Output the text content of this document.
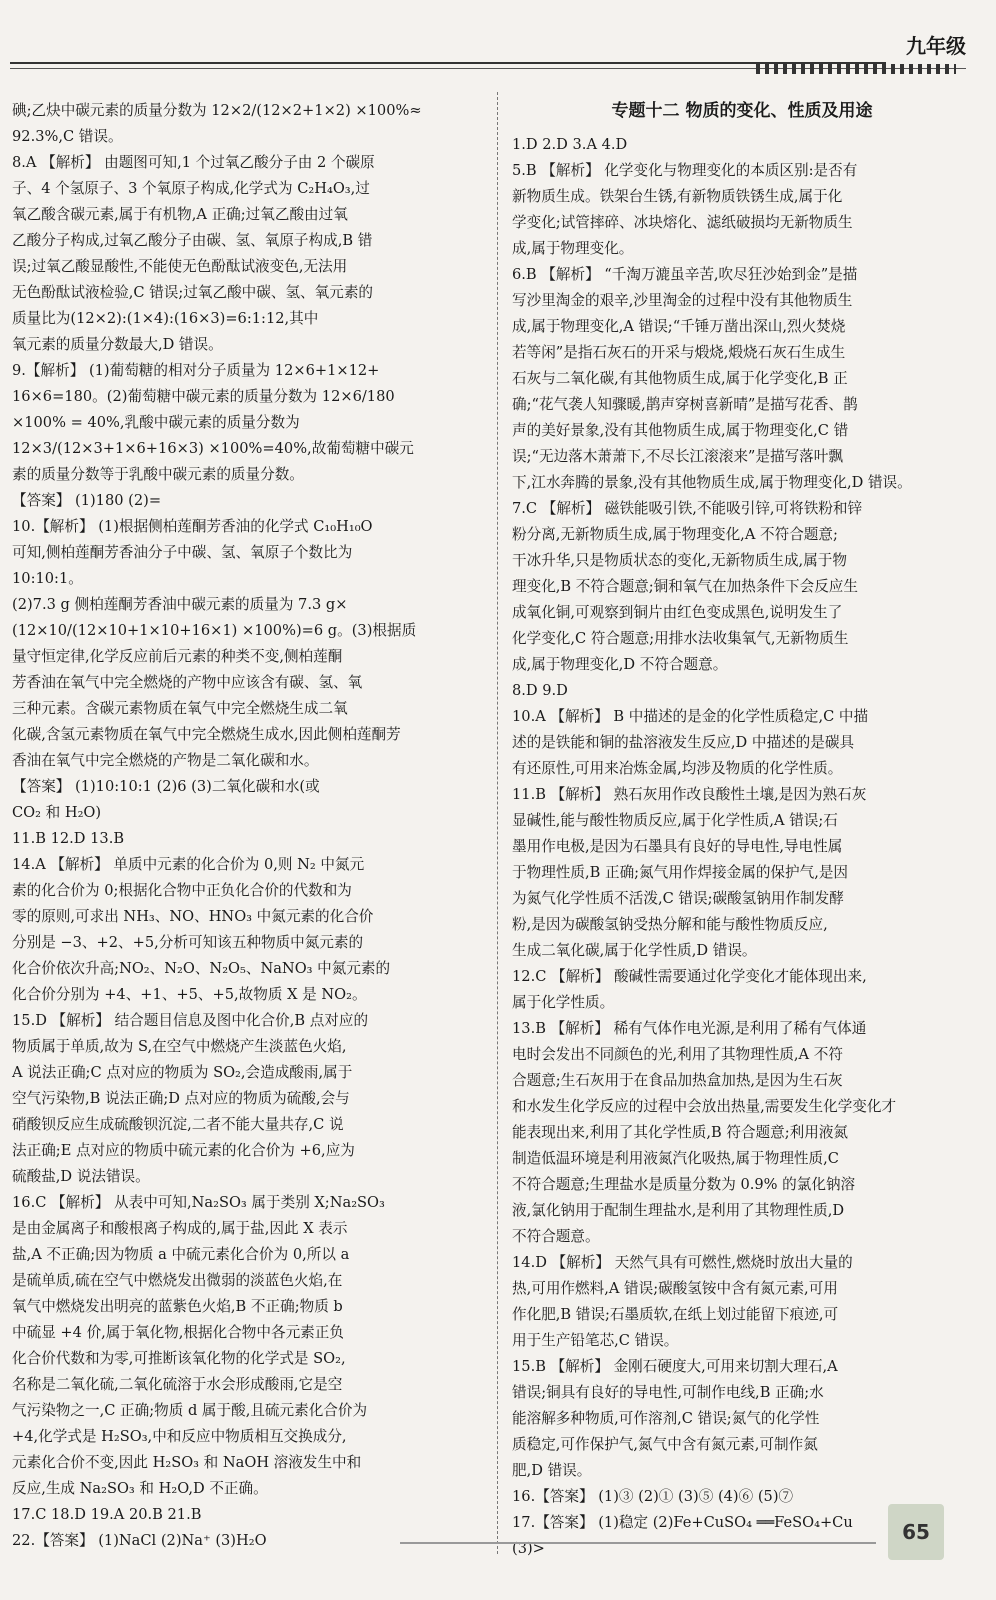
九年级

碘;乙炔中碳元素的质量分数为 12×2/(12×2+1×2) ×100%≈

92.3%,C 错误。

8.A 【解析】 由题图可知,1 个过氧乙酸分子由 2 个碳原

子、4 个氢原子、3 个氧原子构成,化学式为 C₂H₄O₃,过

氧乙酸含碳元素,属于有机物,A 正确;过氧乙酸由过氧

乙酸分子构成,过氧乙酸分子由碳、氢、氧原子构成,B 错

误;过氧乙酸显酸性,不能使无色酚酞试液变色,无法用

无色酚酞试液检验,C 错误;过氧乙酸中碳、氢、氧元素的

质量比为(12×2):(1×4):(16×3)=6:1:12,其中

氧元素的质量分数最大,D 错误。

9.【解析】 (1)葡萄糖的相对分子质量为 12×6+1×12+

16×6=180。(2)葡萄糖中碳元素的质量分数为 12×6/180

×100% = 40%,乳酸中碳元素的质量分数为

12×3/(12×3+1×6+16×3) ×100%=40%,故葡萄糖中碳元

素的质量分数等于乳酸中碳元素的质量分数。

【答案】 (1)180 (2)=

10.【解析】 (1)根据侧柏莲酮芳香油的化学式 C₁₀H₁₀O

可知,侧柏莲酮芳香油分子中碳、氢、氧原子个数比为

10:10:1。

(2)7.3 g 侧柏莲酮芳香油中碳元素的质量为 7.3 g×

(12×10/(12×10+1×10+16×1) ×100%)=6 g。(3)根据质

量守恒定律,化学反应前后元素的种类不变,侧柏莲酮

芳香油在氧气中完全燃烧的产物中应该含有碳、氢、氧

三种元素。含碳元素物质在氧气中完全燃烧生成二氧

化碳,含氢元素物质在氧气中完全燃烧生成水,因此侧柏莲酮芳

香油在氧气中完全燃烧的产物是二氧化碳和水。

【答案】 (1)10:10:1 (2)6 (3)二氧化碳和水(或

CO₂ 和 H₂O)

11.B 12.D 13.B

14.A 【解析】 单质中元素的化合价为 0,则 N₂ 中氮元

素的化合价为 0;根据化合物中正负化合价的代数和为

零的原则,可求出 NH₃、NO、HNO₃ 中氮元素的化合价

分别是 −3、+2、+5,分析可知该五种物质中氮元素的

化合价依次升高;NO₂、N₂O、N₂O₅、NaNO₃ 中氮元素的

化合价分别为 +4、+1、+5、+5,故物质 X 是 NO₂。

15.D 【解析】 结合题目信息及图中化合价,B 点对应的

物质属于单质,故为 S,在空气中燃烧产生淡蓝色火焰,

A 说法正确;C 点对应的物质为 SO₂,会造成酸雨,属于

空气污染物,B 说法正确;D 点对应的物质为硫酸,会与

硝酸钡反应生成硫酸钡沉淀,二者不能大量共存,C 说

法正确;E 点对应的物质中硫元素的化合价为 +6,应为

硫酸盐,D 说法错误。

16.C 【解析】 从表中可知,Na₂SO₃ 属于类别 X;Na₂SO₃

是由金属离子和酸根离子构成的,属于盐,因此 X 表示

盐,A 不正确;因为物质 a 中硫元素化合价为 0,所以 a

是硫单质,硫在空气中燃烧发出微弱的淡蓝色火焰,在

氧气中燃烧发出明亮的蓝紫色火焰,B 不正确;物质 b

中硫显 +4 价,属于氧化物,根据化合物中各元素正负

化合价代数和为零,可推断该氧化物的化学式是 SO₂,

名称是二氧化硫,二氧化硫溶于水会形成酸雨,它是空

气污染物之一,C 正确;物质 d 属于酸,且硫元素化合价为

+4,化学式是 H₂SO₃,中和反应中物质相互交换成分,

元素化合价不变,因此 H₂SO₃ 和 NaOH 溶液发生中和

反应,生成 Na₂SO₃ 和 H₂O,D 不正确。

17.C 18.D 19.A 20.B 21.B

22.【答案】 (1)NaCl (2)Na⁺ (3)H₂O

专题十二 物质的变化、性质及用途

1.D 2.D 3.A 4.D

5.B 【解析】 化学变化与物理变化的本质区别:是否有

新物质生成。铁架台生锈,有新物质铁锈生成,属于化

学变化;试管摔碎、冰块熔化、滤纸破损均无新物质生

成,属于物理变化。

6.B 【解析】 “千淘万漉虽辛苦,吹尽狂沙始到金”是描

写沙里淘金的艰辛,沙里淘金的过程中没有其他物质生

成,属于物理变化,A 错误;“千锤万凿出深山,烈火焚烧

若等闲”是指石灰石的开采与煅烧,煅烧石灰石生成生

石灰与二氧化碳,有其他物质生成,属于化学变化,B 正

确;“花气袭人知骤暖,鹊声穿树喜新晴”是描写花香、鹊

声的美好景象,没有其他物质生成,属于物理变化,C 错

误;“无边落木萧萧下,不尽长江滚滚来”是描写落叶飘

下,江水奔腾的景象,没有其他物质生成,属于物理变化,D 错误。

7.C 【解析】 磁铁能吸引铁,不能吸引锌,可将铁粉和锌

粉分离,无新物质生成,属于物理变化,A 不符合题意;

干冰升华,只是物质状态的变化,无新物质生成,属于物

理变化,B 不符合题意;铜和氧气在加热条件下会反应生

成氧化铜,可观察到铜片由红色变成黑色,说明发生了

化学变化,C 符合题意;用排水法收集氧气,无新物质生

成,属于物理变化,D 不符合题意。

8.D 9.D

10.A 【解析】 B 中描述的是金的化学性质稳定,C 中描

述的是铁能和铜的盐溶液发生反应,D 中描述的是碳具

有还原性,可用来冶炼金属,均涉及物质的化学性质。

11.B 【解析】 熟石灰用作改良酸性土壤,是因为熟石灰

显碱性,能与酸性物质反应,属于化学性质,A 错误;石

墨用作电极,是因为石墨具有良好的导电性,导电性属

于物理性质,B 正确;氮气用作焊接金属的保护气,是因

为氮气化学性质不活泼,C 错误;碳酸氢钠用作制发酵

粉,是因为碳酸氢钠受热分解和能与酸性物质反应,

生成二氧化碳,属于化学性质,D 错误。

12.C 【解析】 酸碱性需要通过化学变化才能体现出来,

属于化学性质。

13.B 【解析】 稀有气体作电光源,是利用了稀有气体通

电时会发出不同颜色的光,利用了其物理性质,A 不符

合题意;生石灰用于在食品加热盒加热,是因为生石灰

和水发生化学反应的过程中会放出热量,需要发生化学变化才

能表现出来,利用了其化学性质,B 符合题意;利用液氮

制造低温环境是利用液氮汽化吸热,属于物理性质,C

不符合题意;生理盐水是质量分数为 0.9% 的氯化钠溶

液,氯化钠用于配制生理盐水,是利用了其物理性质,D

不符合题意。

14.D 【解析】 天然气具有可燃性,燃烧时放出大量的

热,可用作燃料,A 错误;碳酸氢铵中含有氮元素,可用

作化肥,B 错误;石墨质软,在纸上划过能留下痕迹,可

用于生产铅笔芯,C 错误。

15.B 【解析】 金刚石硬度大,可用来切割大理石,A

错误;铜具有良好的导电性,可制作电线,B 正确;水

能溶解多种物质,可作溶剂,C 错误;氮气的化学性

质稳定,可作保护气,氮气中含有氮元素,可制作氮

肥,D 错误。

16.【答案】 (1)③ (2)① (3)⑤ (4)⑥ (5)⑦

17.【答案】 (1)稳定 (2)Fe+CuSO₄ ══FeSO₄+Cu

(3)>

65
